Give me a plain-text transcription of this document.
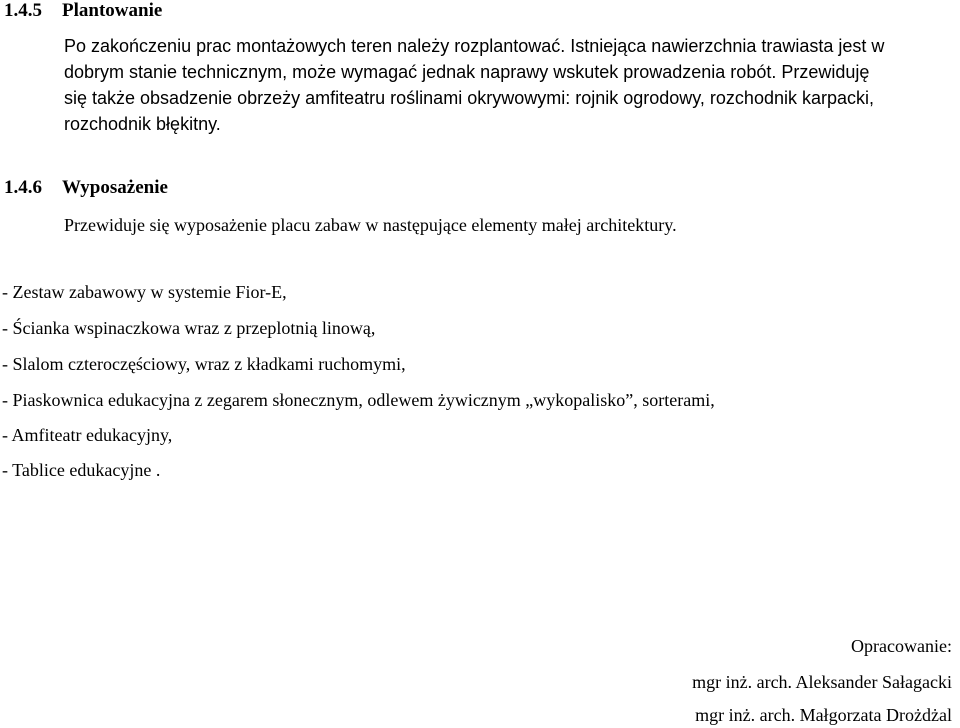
1.4.5 Plantowanie
Po zakończeniu prac montażowych teren należy rozplantować. Istniejąca nawierzchnia trawiasta jest w
dobrym stanie technicznym, może wymagać jednak naprawy wskutek prowadzenia robót. Przewiduję
się także obsadzenie obrzeży amfiteatru roślinami okrywowymi: rojnik ogrodowy, rozchodnik karpacki,
rozchodnik błękitny.
1.4.6 Wyposażenie
Przewiduje się wyposażenie placu zabaw w następujące elementy małej architektury.
- Zestaw zabawowy w systemie Fior-E,
- Ścianka wspinaczkowa wraz z przeplotnią linową,
- Slalom czteroczęściowy, wraz z kładkami ruchomymi,
- Piaskownica edukacyjna z zegarem słonecznym, odlewem żywicznym „wykopalisko”, sorterami,
- Amfiteatr edukacyjny,
- Tablice edukacyjne .
Opracowanie:
mgr inż. arch. Aleksander Sałagacki
mgr inż. arch. Małgorzata Drożdżal
